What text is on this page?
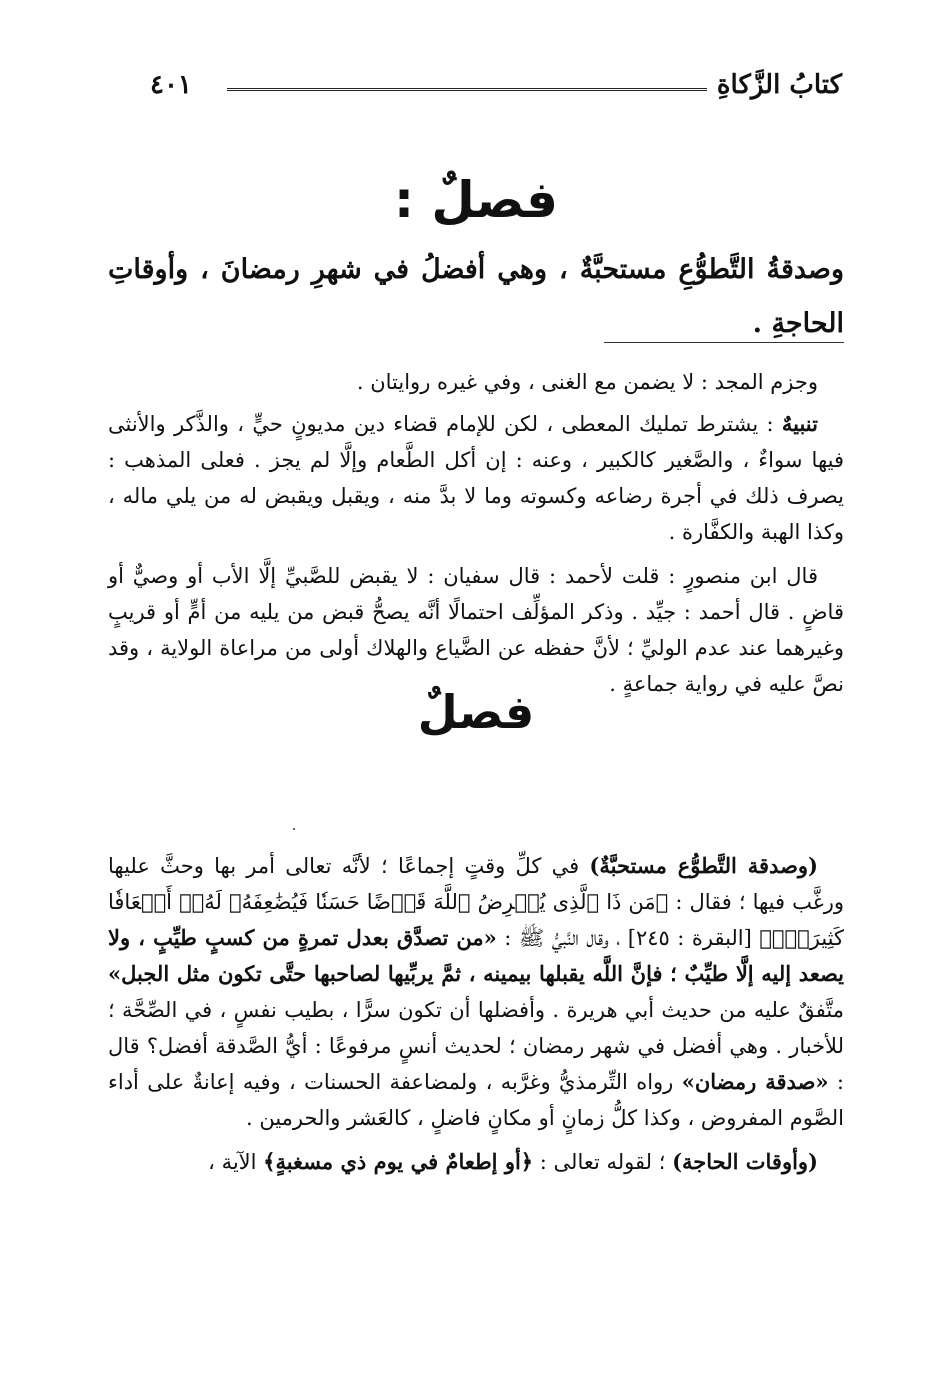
كتابُ الزَّكاةِ
٤٠١
فصلٌ :
وصدقةُ التَّطوُّعِ مستحبَّةٌ ، وهي أفضلُ في شهرِ رمضانَ ، وأوقاتِ الحاجةِ .

وجزم المجد : لا يضمن مع الغنى ، وفي غيره روايتان .

تنبيهٌ : يشترط تمليك المعطى ، لكن للإمام قضاء دين مديونٍ حيٍّ ، والذَّكر والأنثى فيها سواءٌ ، والصَّغير كالكبير ، وعنه : إن أكل الطَّعام وإلَّا لم يجز . فعلى المذهب : يصرف ذلك في أجرة رضاعه وكسوته وما لا بدَّ منه ، ويقبل ويقبض له من يلي ماله ، وكذا الهبة والكفَّارة .

قال ابن منصورٍ : قلت لأحمد : قال سفيان : لا يقبض للصَّبيِّ إلَّا الأب أو وصيٌّ أو قاضٍ . قال أحمد : جيِّد . وذكر المؤلِّف احتمالًا أنَّه يصحُّ قبض من يليه من أمٍّ أو قريبٍ وغيرهما عند عدم الوليِّ ؛ لأنَّ حفظه عن الضَّياع والهلاك أولى من مراعاة الولاية ، وقد نصَّ عليه في رواية جماعةٍ .

فصلٌ

(وصدقة التَّطوُّع مستحبَّةٌ) في كلِّ وقتٍ إجماعًا ؛ لأنَّه تعالى أمر بها وحثَّ عليها ورغَّب فيها ؛ فقال : ﴿مَن ذَا ٱلَّذِى يُقۡرِضُ ٱللَّهَ قَرۡضًا حَسَنٗا فَيُضَٰعِفَهُۥ لَهُۥٓ أَضۡعَافٗا كَثِيرَةٗۚ﴾ [البقرة : ٢٤٥] ، وقال النَّبيُّ ﷺ : «من تصدَّق بعدل تمرةٍ من كسبٍ طيِّبٍ ، ولا يصعد إليه إلَّا طيِّبٌ ؛ فإنَّ اللَّه يقبلها بيمينه ، ثمَّ يربِّيها لصاحبها حتَّى تكون مثل الجبل» متَّفقٌ عليه من حديث أبي هريرة . وأفضلها أن تكون سرًّا ، بطيب نفسٍ ، في الصِّحَّة ؛ للأخبار . وهي أفضل في شهر رمضان ؛ لحديث أنسٍ مرفوعًا : أيُّ الصَّدقة أفضل؟ قال : «صدقة رمضان» رواه التِّرمذيُّ وغرَّبه ، ولمضاعفة الحسنات ، وفيه إعانةٌ على أداء الصَّوم المفروض ، وكذا كلُّ زمانٍ أو مكانٍ فاضلٍ ، كالعَشر والحرمين .

(وأوقات الحاجة) ؛ لقوله تعالى : ﴿أو إطعامٌ في يوم ذي مسغبةٍ﴾ الآية ،
